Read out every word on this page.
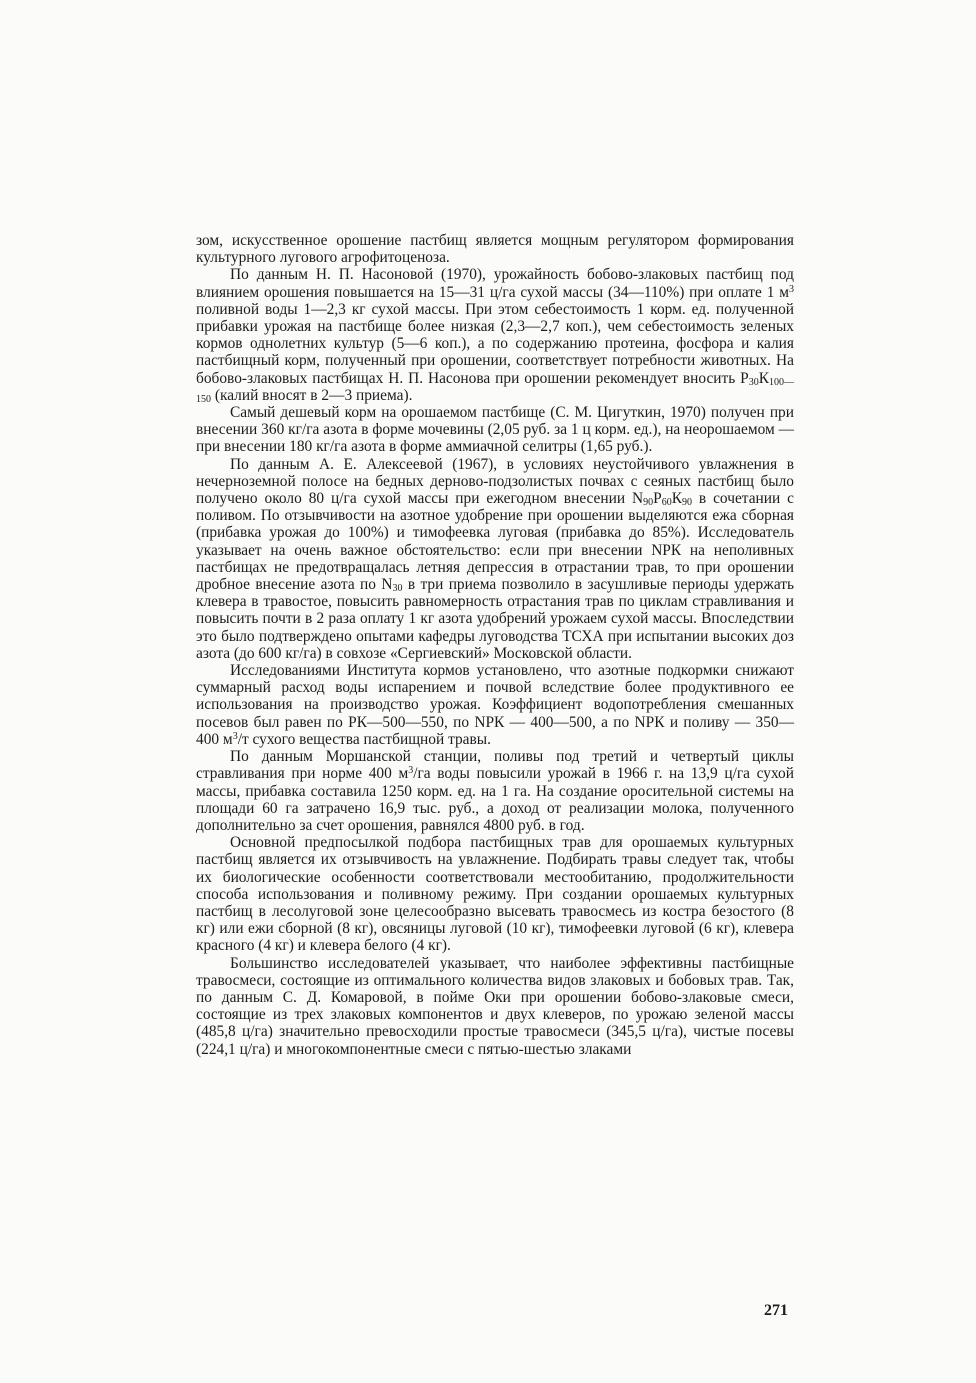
зом, искусственное орошение пастбищ является мощным регулятором формирования культурного лугового агрофитоценоза.

По данным Н. П. Насоновой (1970), урожайность бобово-злаковых пастбищ под влиянием орошения повышается на 15—31 ц/га сухой массы (34—110%) при оплате 1 $м^3$ поливной воды 1—2,3 кг сухой массы. При этом себестоимость 1 корм. ед. полученной прибавки урожая на пастбище более низкая (2,3—2,7 коп.), чем себестоимость зеленых кормов однолетних культур (5—6 коп.), а по содержанию протеина, фосфора и калия пастбищный корм, полученный при орошении, соответствует потребности животных. На бобово-злаковых пастбищах Н. П. Насонова при орошении рекомендует вносить $Р_{30}К_{100—150}$ (калий вносят в 2—3 приема).

Самый дешевый корм на орошаемом пастбище (С. М. Цигуткин, 1970) получен при внесении 360 кг/га азота в форме мочевины (2,05 руб. за 1 ц корм. ед.), на неорошаемом — при внесении 180 кг/га азота в форме аммиачной селитры (1,65 руб.).

По данным А. Е. Алексеевой (1967), в условиях неустойчивого увлажнения в нечерноземной полосе на бедных дерново-подзолистых почвах с сеяных пастбищ было получено около 80 ц/га сухой массы при ежегодном внесении $N_{90}Р_{60}К_{90}$ в сочетании с поливом. По отзывчивости на азотное удобрение при орошении выделяются ежа сборная (прибавка урожая до 100%) и тимофеевка луговая (прибавка до 85%). Исследователь указывает на очень важное обстоятельство: если при внесении NPК на неполивных пастбищах не предотвращалась летняя депрессия в отрастании трав, то при орошении дробное внесение азота по $N_{30}$ в три приема позволило в засушливые периоды удержать клевера в травостое, повысить равномерность отрастания трав по циклам стравливания и повысить почти в 2 раза оплату 1 кг азота удобрений урожаем сухой массы. Впоследствии это было подтверждено опытами кафедры луговодства ТСХА при испытании высоких доз азота (до 600 кг/га) в совхозе «Сергиевский» Московской области.

Исследованиями Института кормов установлено, что азотные подкормки снижают суммарный расход воды испарением и почвой вследствие более продуктивного ее использования на производство урожая. Коэффициент водопотребления смешанных посевов был равен по РК—500—550, по NPК — 400—500, а по NPК и поливу — 350—400 $м^3/т$ сухого вещества пастбищной травы.

По данным Моршанской станции, поливы под третий и четвертый циклы стравливания при норме 400 $м^3/га$ воды повысили урожай в 1966 г. на 13,9 ц/га сухой массы, прибавка составила 1250 корм. ед. на 1 га. На создание оросительной системы на площади 60 га затрачено 16,9 тыс. руб., а доход от реализации молока, полученного дополнительно за счет орошения, равнялся 4800 руб. в год.

Основной предпосылкой подбора пастбищных трав для орошаемых культурных пастбищ является их отзывчивость на увлажнение. Подбирать травы следует так, чтобы их биологические особенности соответствовали местообитанию, продолжительности способа использования и поливному режиму. При создании орошаемых культурных пастбищ в лесолуговой зоне целесообразно высевать травосмесь из костра безостого (8 кг) или ежи сборной (8 кг), овсяницы луговой (10 кг), тимофеевки луговой (6 кг), клевера красного (4 кг) и клевера белого (4 кг).

Большинство исследователей указывает, что наиболее эффективны пастбищные травосмеси, состоящие из оптимального количества видов злаковых и бобовых трав. Так, по данным С. Д. Комаровой, в пойме Оки при орошении бобово-злаковые смеси, состоящие из трех злаковых компонентов и двух клеверов, по урожаю зеленой массы (485,8 ц/га) значительно превосходили простые травосмеси (345,5 ц/га), чистые посевы (224,1 ц/га) и многокомпонентные смеси с пятью-шестью злаками

271
